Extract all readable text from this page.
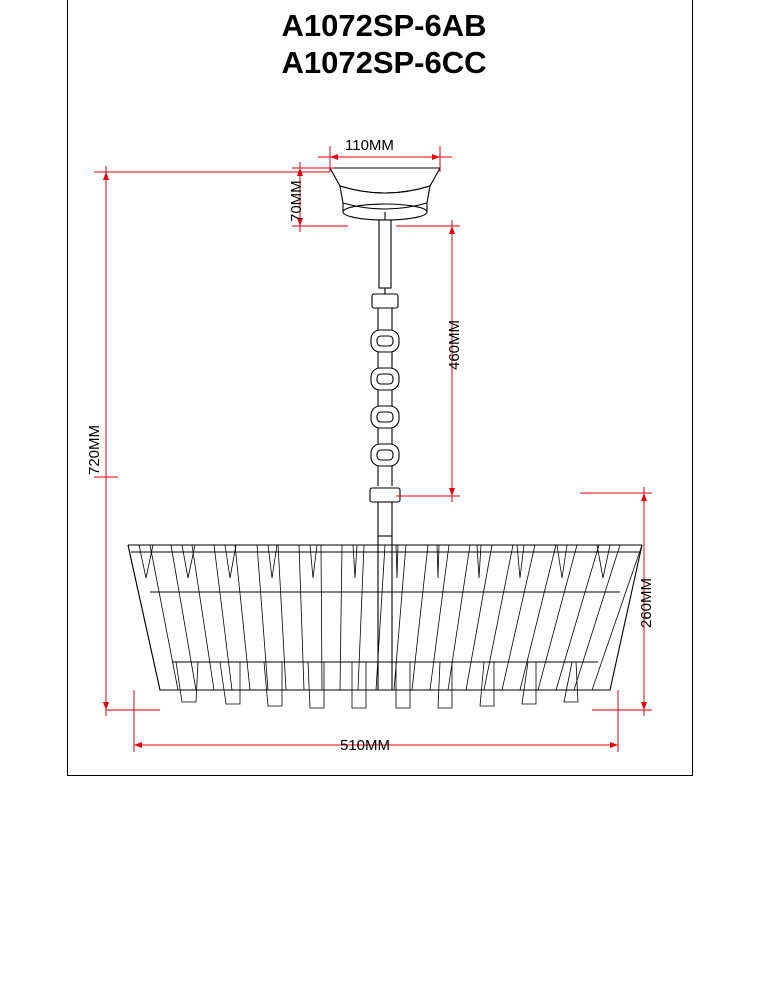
A1072SP-6AB
A1072SP-6CC
110MM
70MM
460MM
720MM
260MM
510MM
